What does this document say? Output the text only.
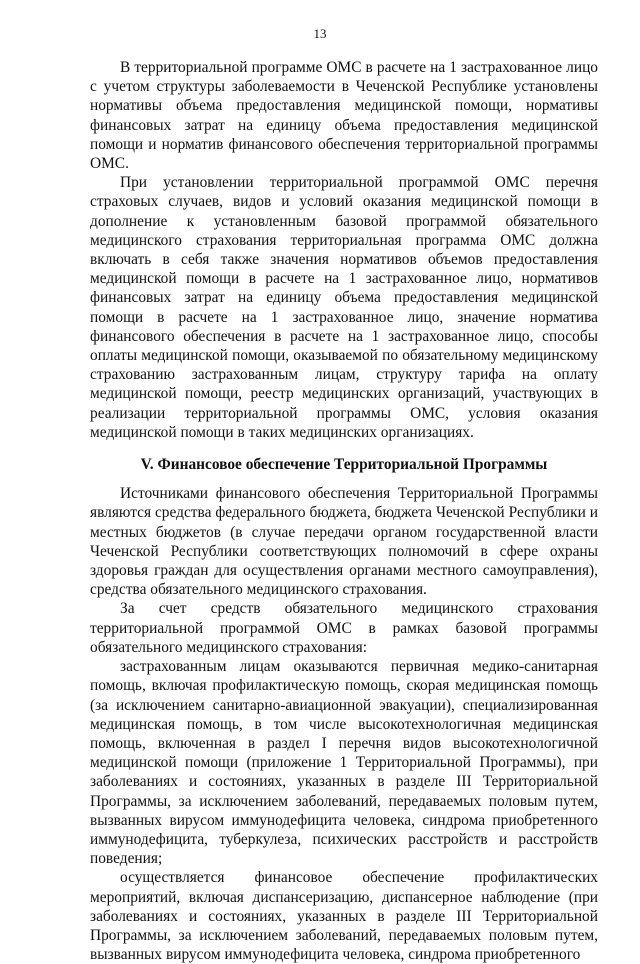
13

В территориальной программе ОМС в расчете на 1 застрахованное лицо с учетом структуры заболеваемости в Чеченской Республике установлены нормативы объема предоставления медицинской помощи, нормативы финансовых затрат на единицу объема предоставления медицинской помощи и норматив финансового обеспечения территориальной программы ОМС.

При установлении территориальной программой ОМС перечня страховых случаев, видов и условий оказания медицинской помощи в дополнение к установленным базовой программой обязательного медицинского страхования территориальная программа ОМС должна включать в себя также значения нормативов объемов предоставления медицинской помощи в расчете на 1 застрахованное лицо, нормативов финансовых затрат на единицу объема предоставления медицинской помощи в расчете на 1 застрахованное лицо, значение норматива финансового обеспечения в расчете на 1 застрахованное лицо, способы оплаты медицинской помощи, оказываемой по обязательному медицинскому страхованию застрахованным лицам, структуру тарифа на оплату медицинской помощи, реестр медицинских организаций, участвующих в реализации территориальной программы ОМС, условия оказания медицинской помощи в таких медицинских организациях.

V. Финансовое обеспечение Территориальной Программы

Источниками финансового обеспечения Территориальной Программы являются средства федерального бюджета, бюджета Чеченской Республики и местных бюджетов (в случае передачи органом государственной власти Чеченской Республики соответствующих полномочий в сфере охраны здоровья граждан для осуществления органами местного самоуправления), средства обязательного медицинского страхования.

За счет средств обязательного медицинского страхования территориальной программой ОМС в рамках базовой программы обязательного медицинского страхования:

застрахованным лицам оказываются первичная медико-санитарная помощь, включая профилактическую помощь, скорая медицинская помощь (за исключением санитарно-авиационной эвакуации), специализированная медицинская помощь, в том числе высокотехнологичная медицинская помощь, включенная в раздел I перечня видов высокотехнологичной медицинской помощи (приложение 1 Территориальной Программы), при заболеваниях и состояниях, указанных в разделе III Территориальной Программы, за исключением заболеваний, передаваемых половым путем, вызванных вирусом иммунодефицита человека, синдрома приобретенного иммунодефицита, туберкулеза, психических расстройств и расстройств поведения;

осуществляется финансовое обеспечение профилактических мероприятий, включая диспансеризацию, диспансерное наблюдение (при заболеваниях и состояниях, указанных в разделе III Территориальной Программы, за исключением заболеваний, передаваемых половым путем, вызванных вирусом иммунодефицита человека, синдрома приобретенного
